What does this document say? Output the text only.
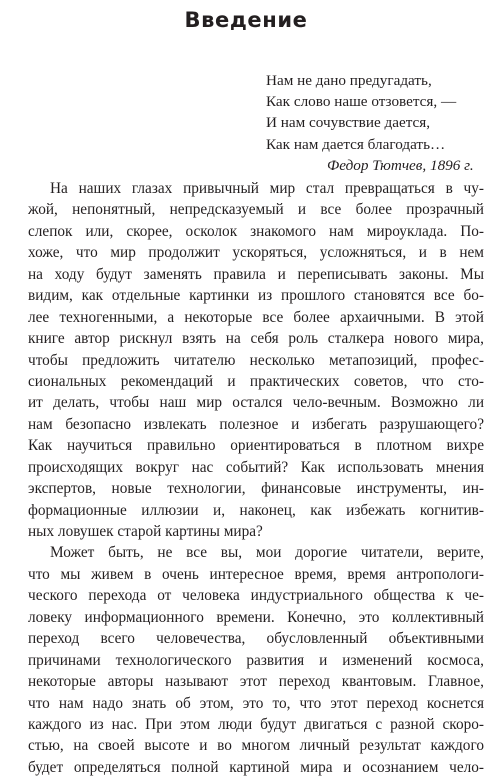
Введение
Нам не дано предугадать,
Как слово наше отзовется, —
И нам сочувствие дается,
Как нам дается благодать…
Федор Тютчев, 1896 г.
На наших глазах привычный мир стал превращаться в чу-
жой, непонятный, непредсказуемый и все более прозрачный
слепок или, скорее, осколок знакомого нам мироуклада. По-
хоже, что мир продолжит ускоряться, усложняться, и в нем
на ходу будут заменять правила и переписывать законы. Мы
видим, как отдельные картинки из прошлого становятся все бо-
лее техногенными, а некоторые все более архаичными. В этой
книге автор рискнул взять на себя роль сталкера нового мира,
чтобы предложить читателю несколько метапозиций, профес-
сиональных рекомендаций и практических советов, что сто-
ит делать, чтобы наш мир остался чело-вечным. Возможно ли
нам безопасно извлекать полезное и избегать разрушающего?
Как научиться правильно ориентироваться в плотном вихре
происходящих вокруг нас событий? Как использовать мнения
экспертов, новые технологии, финансовые инструменты, ин-
формационные иллюзии и, наконец, как избежать когнитив-
ных ловушек старой картины мира?
Может быть, не все вы, мои дорогие читатели, верите,
что мы живем в очень интересное время, время антропологи-
ческого перехода от человека индустриального общества к че-
ловеку информационного времени. Конечно, это коллективный
переход всего человечества, обусловленный объективными
причинами технологического развития и изменений космоса,
некоторые авторы называют этот переход квантовым. Главное,
что нам надо знать об этом, это то, что этот переход коснется
каждого из нас. При этом люди будут двигаться с разной скоро-
стью, на своей высоте и во многом личный результат каждого
будет определяться полной картиной мира и осознанием чело-
